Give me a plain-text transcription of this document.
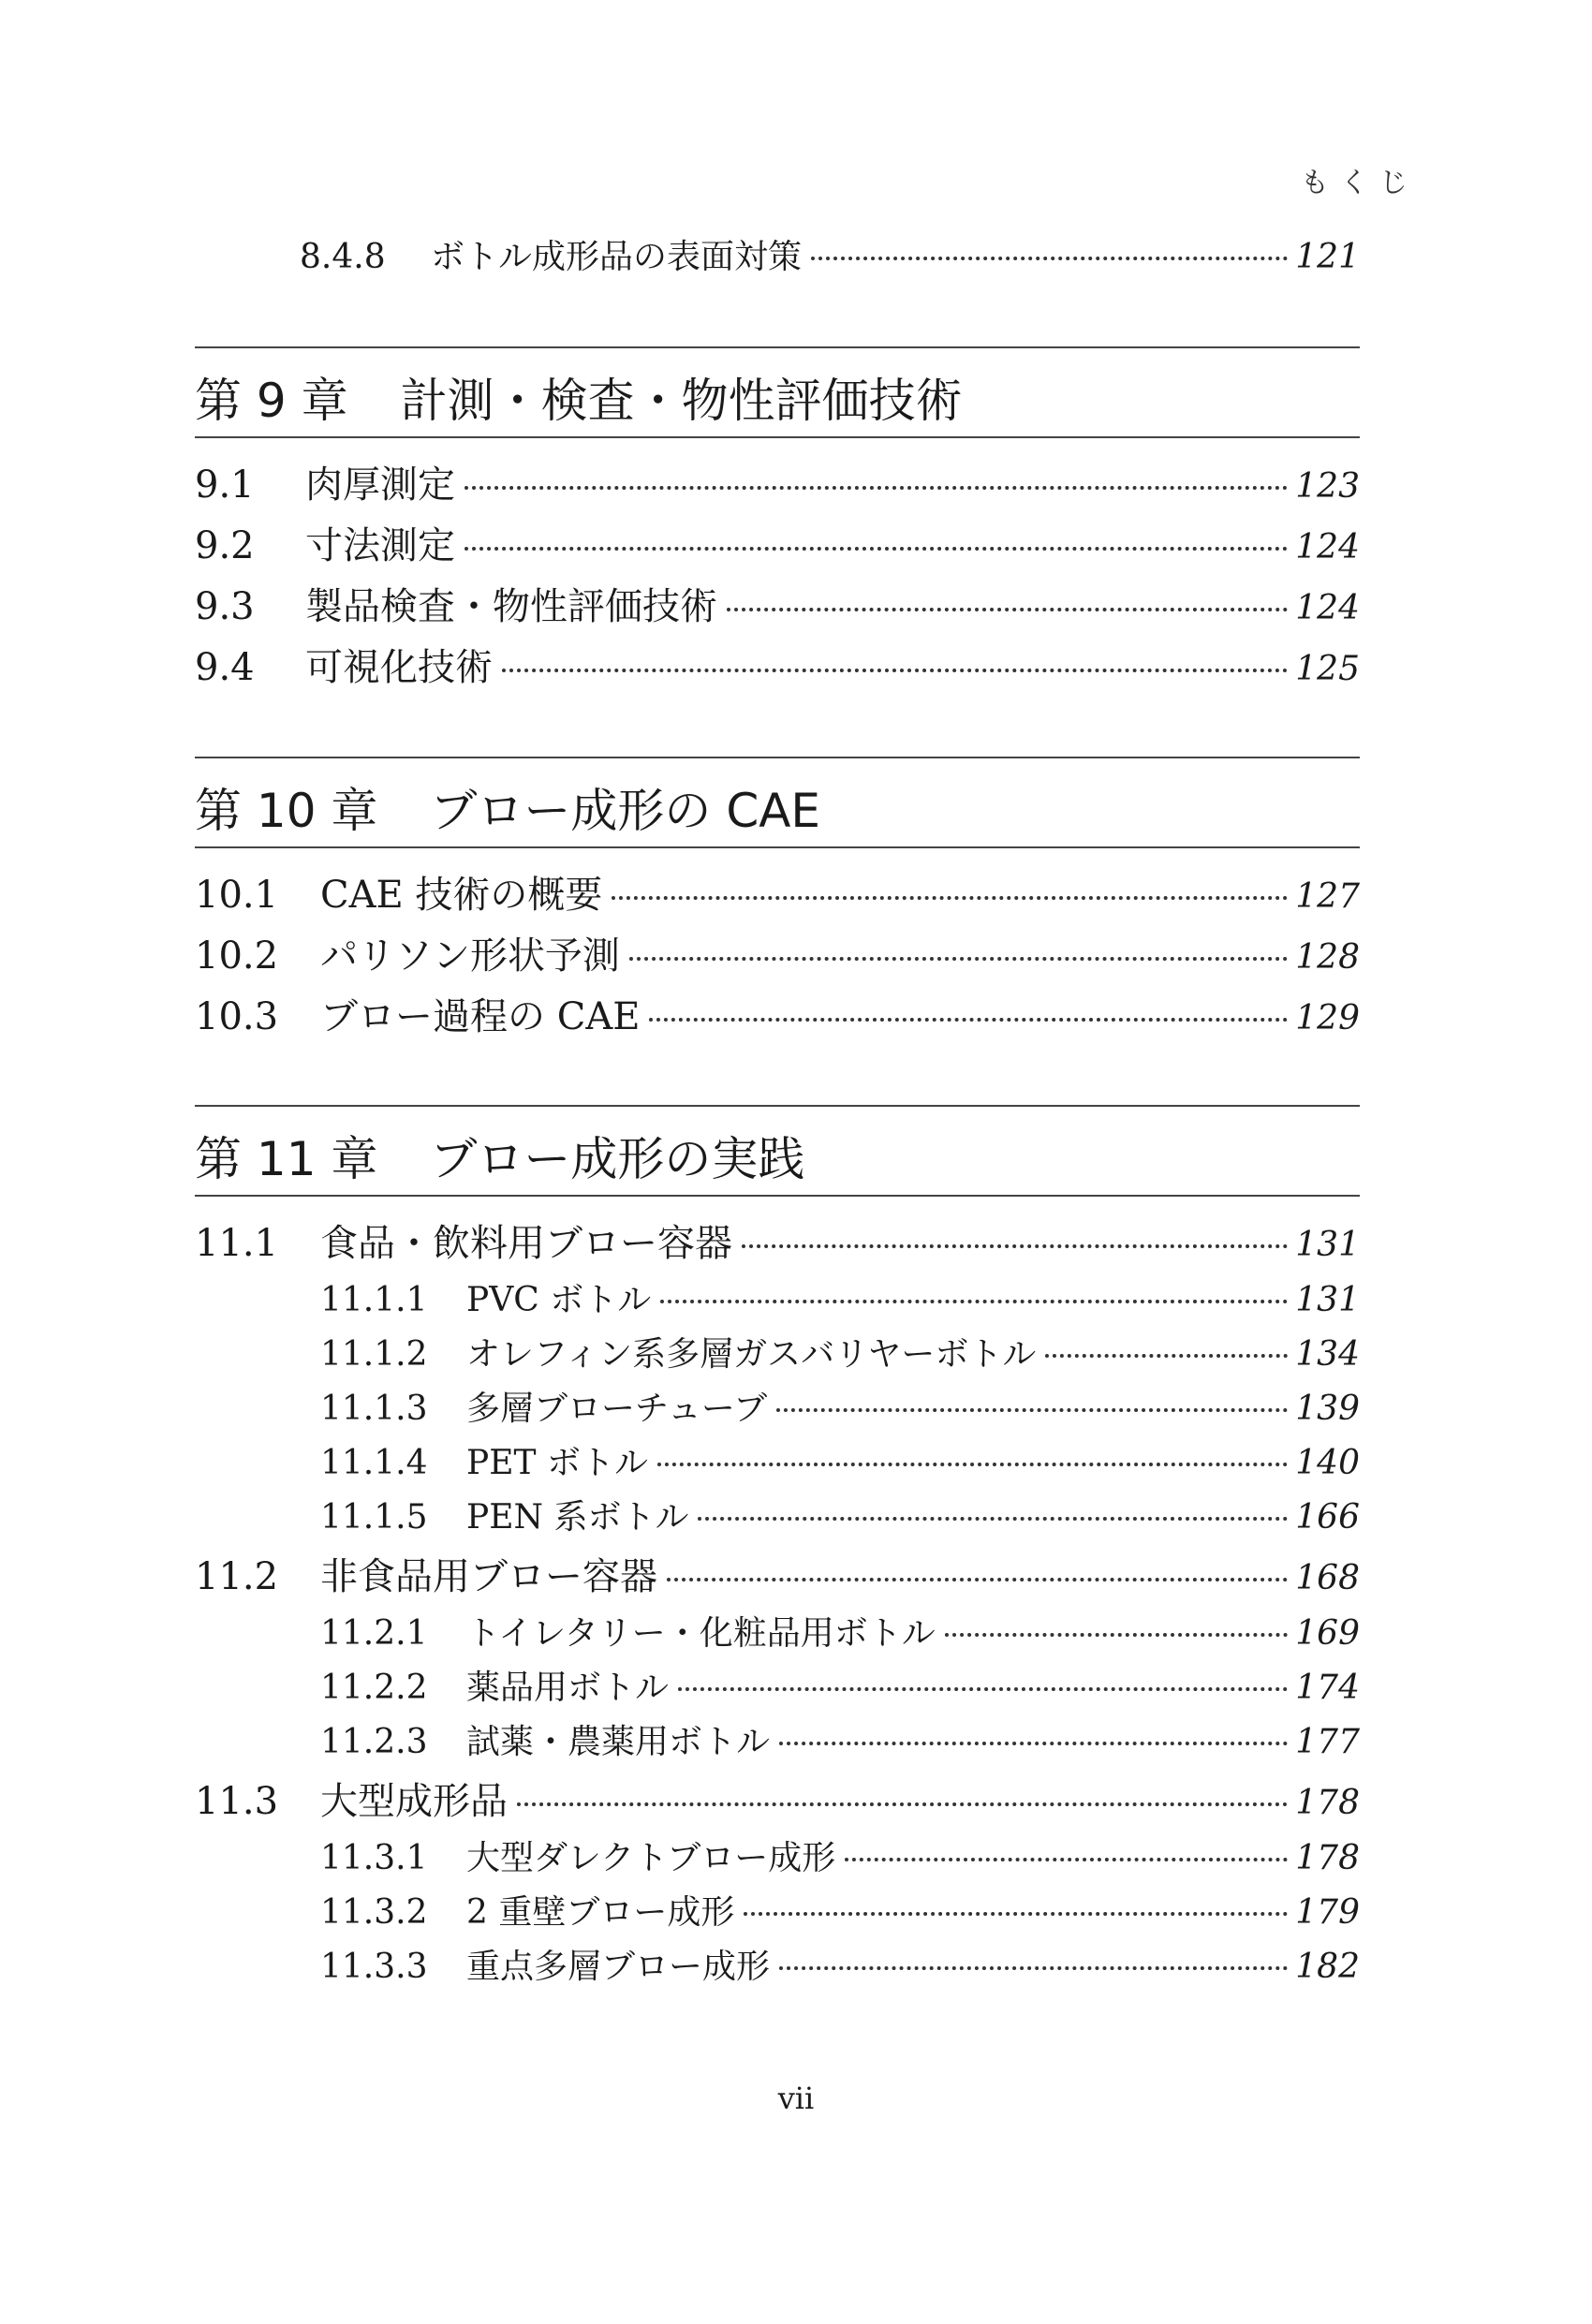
もくじ
8.4.8	ボトル成形品の表面対策	121
第 9 章 計測・検査・物性評価技術
9.1	肉厚測定	123
9.2	寸法測定	124
9.3	製品検査・物性評価技術	124
9.4	可視化技術	125
第 10 章 ブロー成形の CAE
10.1	CAE 技術の概要	127
10.2	パリソン形状予測	128
10.3	ブロー過程の CAE	129
第 11 章 ブロー成形の実践
11.1	食品・飲料用ブロー容器	131
11.1.1	PVC ボトル	131
11.1.2	オレフィン系多層ガスバリヤーボトル	134
11.1.3	多層ブローチューブ	139
11.1.4	PET ボトル	140
11.1.5	PEN 系ボトル	166
11.2	非食品用ブロー容器	168
11.2.1	トイレタリー・化粧品用ボトル	169
11.2.2	薬品用ボトル	174
11.2.3	試薬・農薬用ボトル	177
11.3	大型成形品	178
11.3.1	大型ダレクトブロー成形	178
11.3.2	2 重壁ブロー成形	179
11.3.3	重点多層ブロー成形	182
vii
